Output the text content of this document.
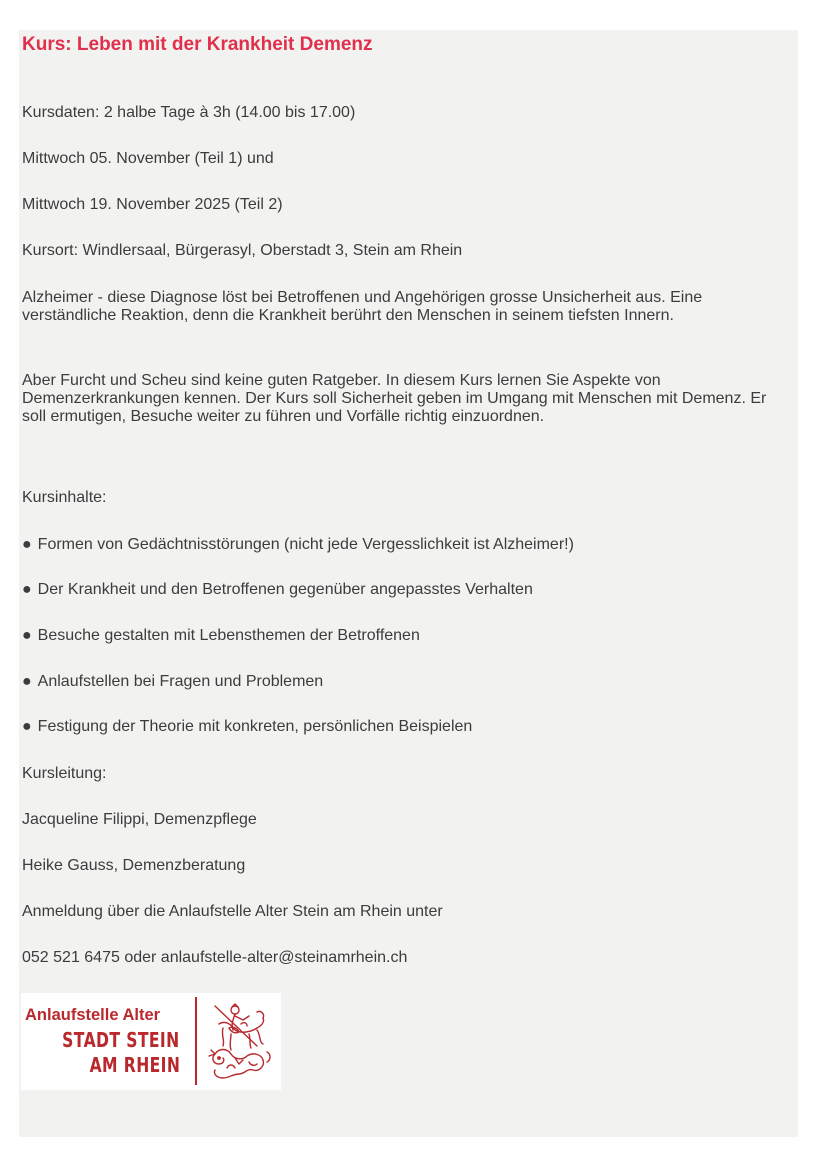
Kurs: Leben mit der Krankheit Demenz

Kursdaten: 2 halbe Tage à 3h (14.00 bis 17.00)

Mittwoch 05. November (Teil 1) und

Mittwoch 19. November 2025 (Teil 2)

Kursort: Windlersaal, Bürgerasyl, Oberstadt 3, Stein am Rhein

Alzheimer - diese Diagnose löst bei Betroffenen und Angehörigen grosse Unsicherheit aus. Eine verständliche Reaktion, denn die Krankheit berührt den Menschen in seinem tiefsten Innern.

Aber Furcht und Scheu sind keine guten Ratgeber. In diesem Kurs lernen Sie Aspekte von Demenzerkrankungen kennen. Der Kurs soll Sicherheit geben im Umgang mit Menschen mit Demenz. Er soll ermutigen, Besuche weiter zu führen und Vorfälle richtig einzuordnen.

Kursinhalte:

● Formen von Gedächtnisstörungen (nicht jede Vergesslichkeit ist Alzheimer!)

● Der Krankheit und den Betroffenen gegenüber angepasstes Verhalten

● Besuche gestalten mit Lebensthemen der Betroffenen

● Anlaufstellen bei Fragen und Problemen

● Festigung der Theorie mit konkreten, persönlichen Beispielen

Kursleitung:

Jacqueline Filippi, Demenzpflege

Heike Gauss, Demenzberatung

Anmeldung über die Anlaufstelle Alter Stein am Rhein unter

052 521 6475 oder anlaufstelle-alter@steinamrhein.ch

Anlaufstelle Alter
STADT STEIN
AM RHEIN
